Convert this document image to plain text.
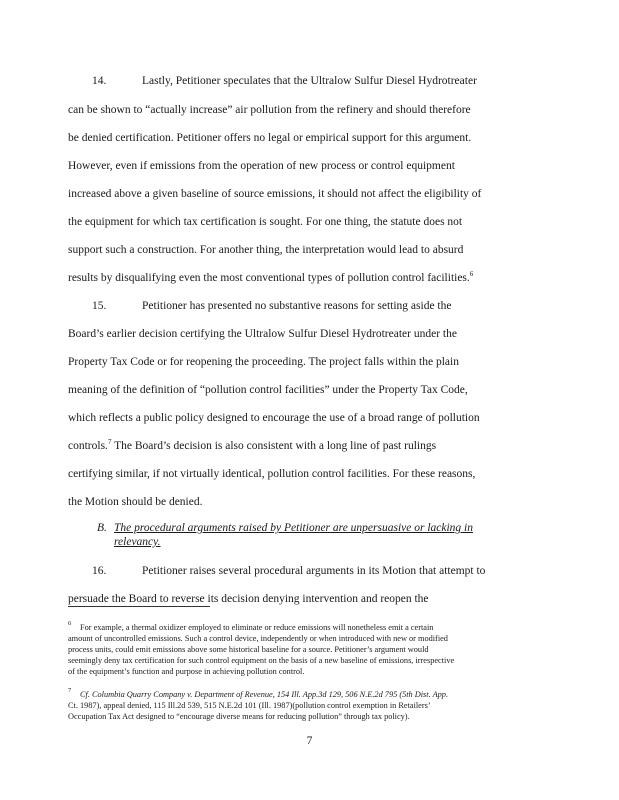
14.	Lastly, Petitioner speculates that the Ultralow Sulfur Diesel Hydrotreater
can be shown to “actually increase” air pollution from the refinery and should therefore
be denied certification. Petitioner offers no legal or empirical support for this argument.
However, even if emissions from the operation of new process or control equipment
increased above a given baseline of source emissions, it should not affect the eligibility of
the equipment for which tax certification is sought. For one thing, the statute does not
support such a construction. For another thing, the interpretation would lead to absurd
results by disqualifying even the most conventional types of pollution control facilities.$^6$
15.	Petitioner has presented no substantive reasons for setting aside the
Board’s earlier decision certifying the Ultralow Sulfur Diesel Hydrotreater under the
Property Tax Code or for reopening the proceeding. The project falls within the plain
meaning of the definition of “pollution control facilities” under the Property Tax Code,
which reflects a public policy designed to encourage the use of a broad range of pollution
controls.$^7$ The Board’s decision is also consistent with a long line of past rulings
certifying similar, if not virtually identical, pollution control facilities. For these reasons,
the Motion should be denied.
B. The procedural arguments raised by Petitioner are unpersuasive or lacking in
relevancy.
16.	Petitioner raises several procedural arguments in its Motion that attempt to
persuade the Board to reverse its decision denying intervention and reopen the
6 For example, a thermal oxidizer employed to eliminate or reduce emissions will nonetheless emit a certain
amount of uncontrolled emissions. Such a control device, independently or when introduced with new or modified
process units, could emit emissions above some historical baseline for a source. Petitioner’s argument would
seemingly deny tax certification for such control equipment on the basis of a new baseline of emissions, irrespective
of the equipment’s function and purpose in achieving pollution control.
7 Cf. Columbia Quarry Company v. Department of Revenue, 154 Ill. App.3d 129, 506 N.E.2d 795 (5th Dist. App.
Ct. 1987), appeal denied, 115 Ill.2d 539, 515 N.E.2d 101 (Ill. 1987)(pollution control exemption in Retailers’
Occupation Tax Act designed to “encourage diverse means for reducing pollution” through tax policy).
7
